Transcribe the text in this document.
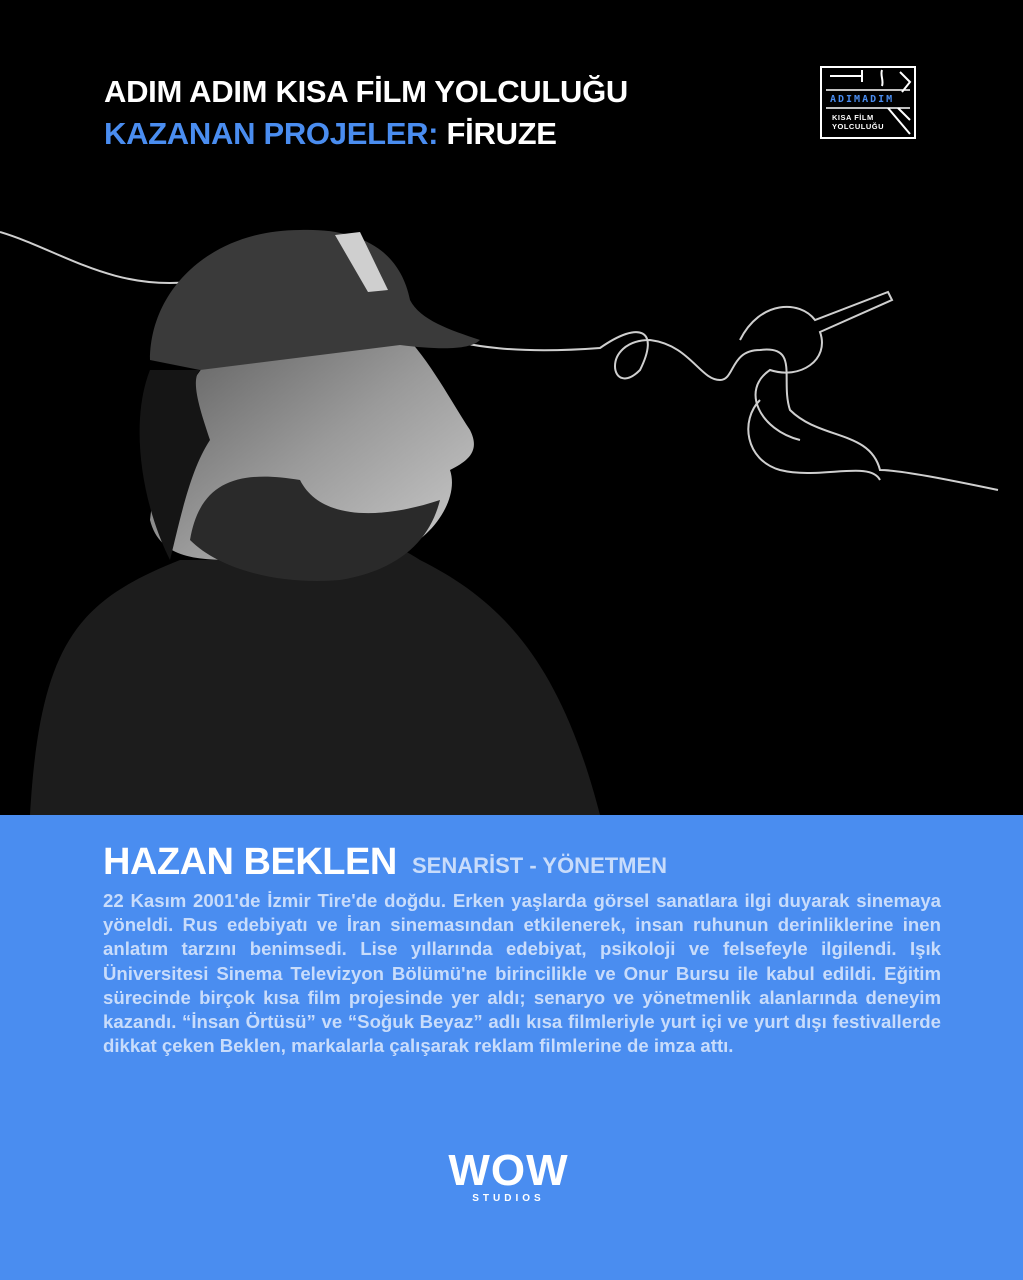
ADIM ADIM KISA FİLM YOLCULUĞU
KAZANAN PROJELER: FİRUZE
ADIMADIM
KISA FİLM
YOLCULUĞU
HAZAN BEKLEN SENARİST - YÖNETMEN

22 Kasım 2001'de İzmir Tire'de doğdu. Erken yaşlarda görsel sanatlara ilgi duyarak sinemaya yöneldi. Rus edebiyatı ve İran sinemasından etkilenerek, insan ruhunun derinliklerine inen anlatım tarzını benimsedi. Lise yıllarında edebiyat, psikoloji ve felsefeyle ilgilendi. Işık Üniversitesi Sinema Televizyon Bölümü'ne birincilikle ve Onur Bursu ile kabul edildi. Eğitim sürecinde birçok kısa film projesinde yer aldı; senaryo ve yönetmenlik alanlarında deneyim kazandı. “İnsan Örtüsü” ve “Soğuk Beyaz” adlı kısa filmleriyle yurt içi ve yurt dışı festivallerde dikkat çeken Beklen, markalarla çalışarak reklam filmlerine de imza attı.

WOW
STUDIOS
